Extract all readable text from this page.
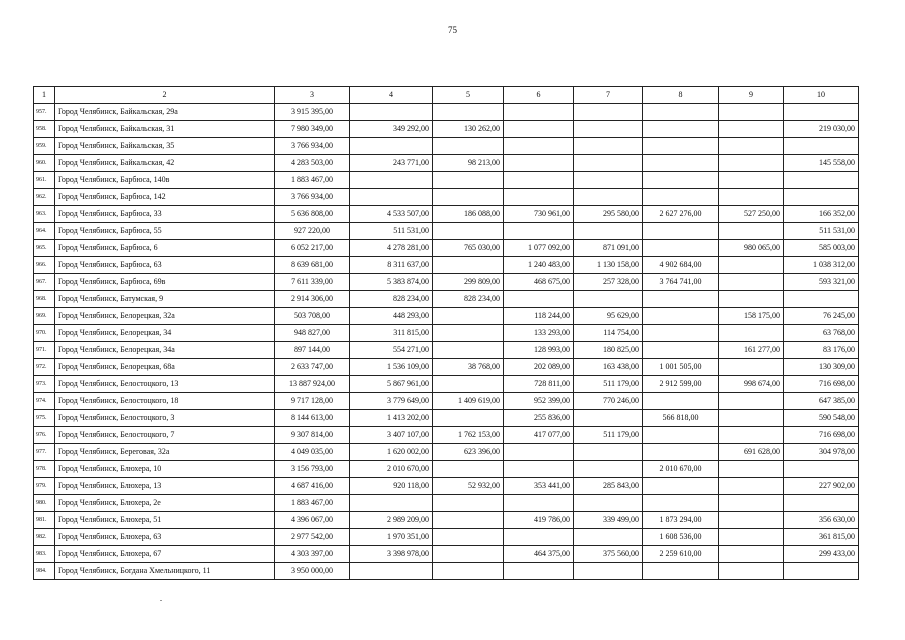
75
1	2	3	4	5	6	7	8	9	10
957.	Город Челябинск, Байкальская, 29а	3 915 395,00							
958.	Город Челябинск, Байкальская, 31	7 980 349,00	349 292,00	130 262,00					219 030,00
959.	Город Челябинск, Байкальская, 35	3 766 934,00							
960.	Город Челябинск, Байкальская, 42	4 283 503,00	243 771,00	98 213,00					145 558,00
961.	Город Челябинск, Барбюса, 140в	1 883 467,00							
962.	Город Челябинск, Барбюса, 142	3 766 934,00							
963.	Город Челябинск, Барбюса, 33	5 636 808,00	4 533 507,00	186 088,00	730 961,00	295 580,00	2 627 276,00	527 250,00	166 352,00
964.	Город Челябинск, Барбюса, 55	927 220,00	511 531,00						511 531,00
965.	Город Челябинск, Барбюса, 6	6 052 217,00	4 278 281,00	765 030,00	1 077 092,00	871 091,00		980 065,00	585 003,00
966.	Город Челябинск, Барбюса, 63	8 639 681,00	8 311 637,00		1 240 483,00	1 130 158,00	4 902 684,00		1 038 312,00
967.	Город Челябинск, Барбюса, 69в	7 611 339,00	5 383 874,00	299 809,00	468 675,00	257 328,00	3 764 741,00		593 321,00
968.	Город Челябинск, Батумская, 9	2 914 306,00	828 234,00	828 234,00					
969.	Город Челябинск, Белорецкая, 32а	503 708,00	448 293,00		118 244,00	95 629,00		158 175,00	76 245,00
970.	Город Челябинск, Белорецкая, 34	948 827,00	311 815,00		133 293,00	114 754,00			63 768,00
971.	Город Челябинск, Белорецкая, 34а	897 144,00	554 271,00		128 993,00	180 825,00		161 277,00	83 176,00
972.	Город Челябинск, Белорецкая, 68а	2 633 747,00	1 536 109,00	38 768,00	202 089,00	163 438,00	1 001 505,00		130 309,00
973.	Город Челябинск, Белостоцкого, 13	13 887 924,00	5 867 961,00		728 811,00	511 179,00	2 912 599,00	998 674,00	716 698,00
974.	Город Челябинск, Белостоцкого, 18	9 717 128,00	3 779 649,00	1 409 619,00	952 399,00	770 246,00			647 385,00
975.	Город Челябинск, Белостоцкого, 3	8 144 613,00	1 413 202,00		255 836,00		566 818,00		590 548,00
976.	Город Челябинск, Белостоцкого, 7	9 307 814,00	3 407 107,00	1 762 153,00	417 077,00	511 179,00			716 698,00
977.	Город Челябинск, Береговая, 32а	4 049 035,00	1 620 002,00	623 396,00				691 628,00	304 978,00
978.	Город Челябинск, Блюхера, 10	3 156 793,00	2 010 670,00				2 010 670,00		
979.	Город Челябинск, Блюхера, 13	4 687 416,00	920 118,00	52 932,00	353 441,00	285 843,00			227 902,00
980.	Город Челябинск, Блюхера, 2е	1 883 467,00							
981.	Город Челябинск, Блюхера, 51	4 396 067,00	2 989 209,00		419 786,00	339 499,00	1 873 294,00		356 630,00
982.	Город Челябинск, Блюхера, 63	2 977 542,00	1 970 351,00				1 608 536,00		361 815,00
983.	Город Челябинск, Блюхера, 67	4 303 397,00	3 398 978,00		464 375,00	375 560,00	2 259 610,00		299 433,00
984.	Город Челябинск, Богдана Хмельницкого, 11	3 950 000,00							
